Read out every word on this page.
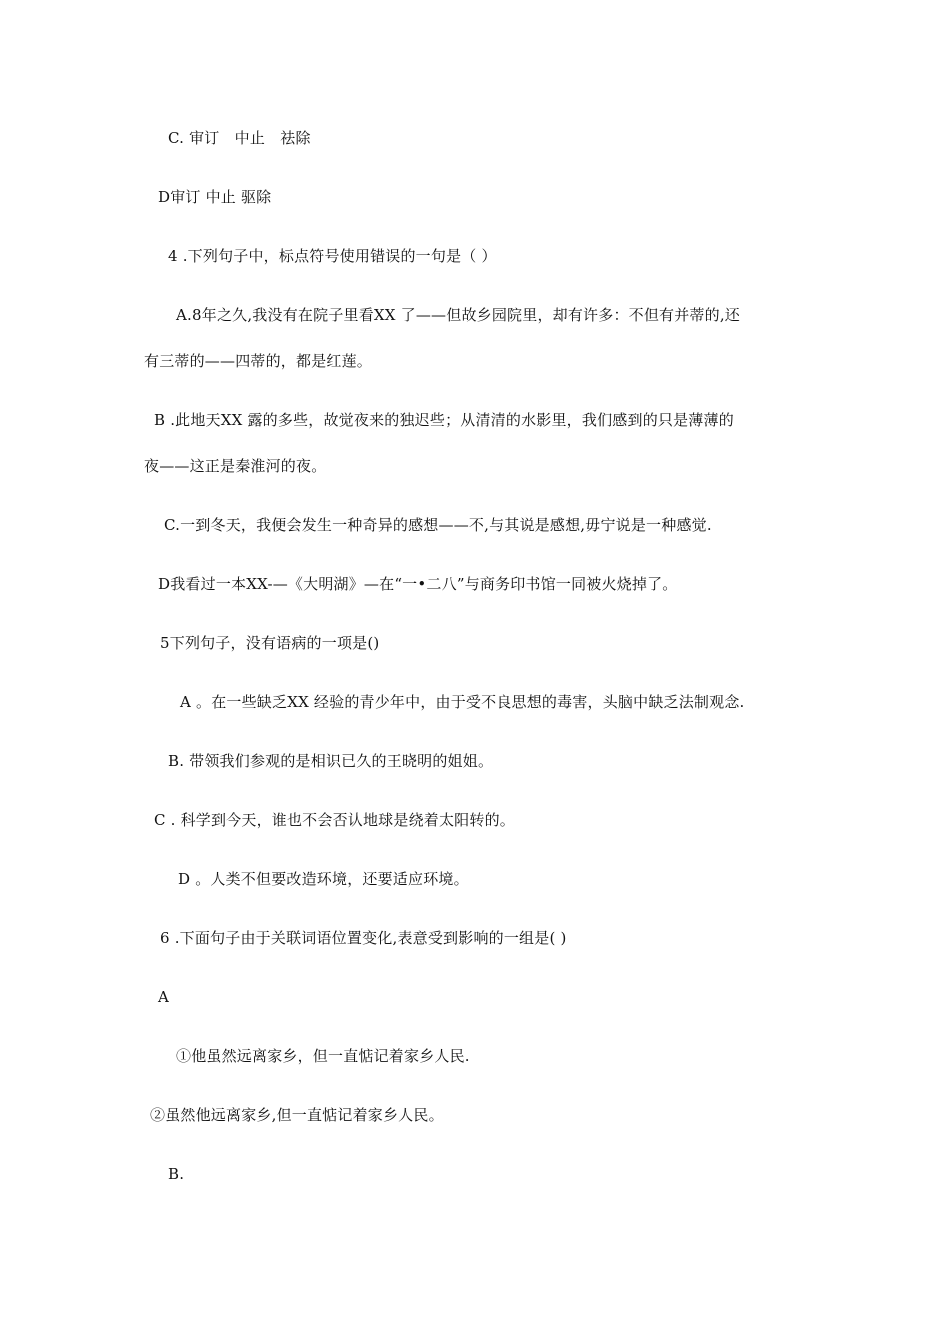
C. 审订　中止　祛除
D审订 中止 驱除
4 .下列句子中，标点符号使用错误的一句是（ ）
A.8年之久,我没有在院子里看XX 了——但故乡园院里，却有许多：不但有并蒂的,还
有三蒂的——四蒂的，都是红莲。
B .此地天XX 露的多些，故觉夜来的独迟些；从清清的水影里，我们感到的只是薄薄的
夜——这正是秦淮河的夜。
C.一到冬天，我便会发生一种奇异的感想——不,与其说是感想,毋宁说是一种感觉.
D我看过一本XX-—《大明湖》—在“一•二八”与商务印书馆一同被火烧掉了。
5下列句子，没有语病的一项是()
A 。在一些缺乏XX 经验的青少年中，由于受不良思想的毒害，头脑中缺乏法制观念.
B. 带领我们参观的是相识已久的王晓明的姐姐。
C . 科学到今天，谁也不会否认地球是绕着太阳转的。
D 。人类不但要改造环境，还要适应环境。
6 .下面句子由于关联词语位置变化,表意受到影响的一组是( )
A
①他虽然远离家乡，但一直惦记着家乡人民.
②虽然他远离家乡,但一直惦记着家乡人民。
B.
